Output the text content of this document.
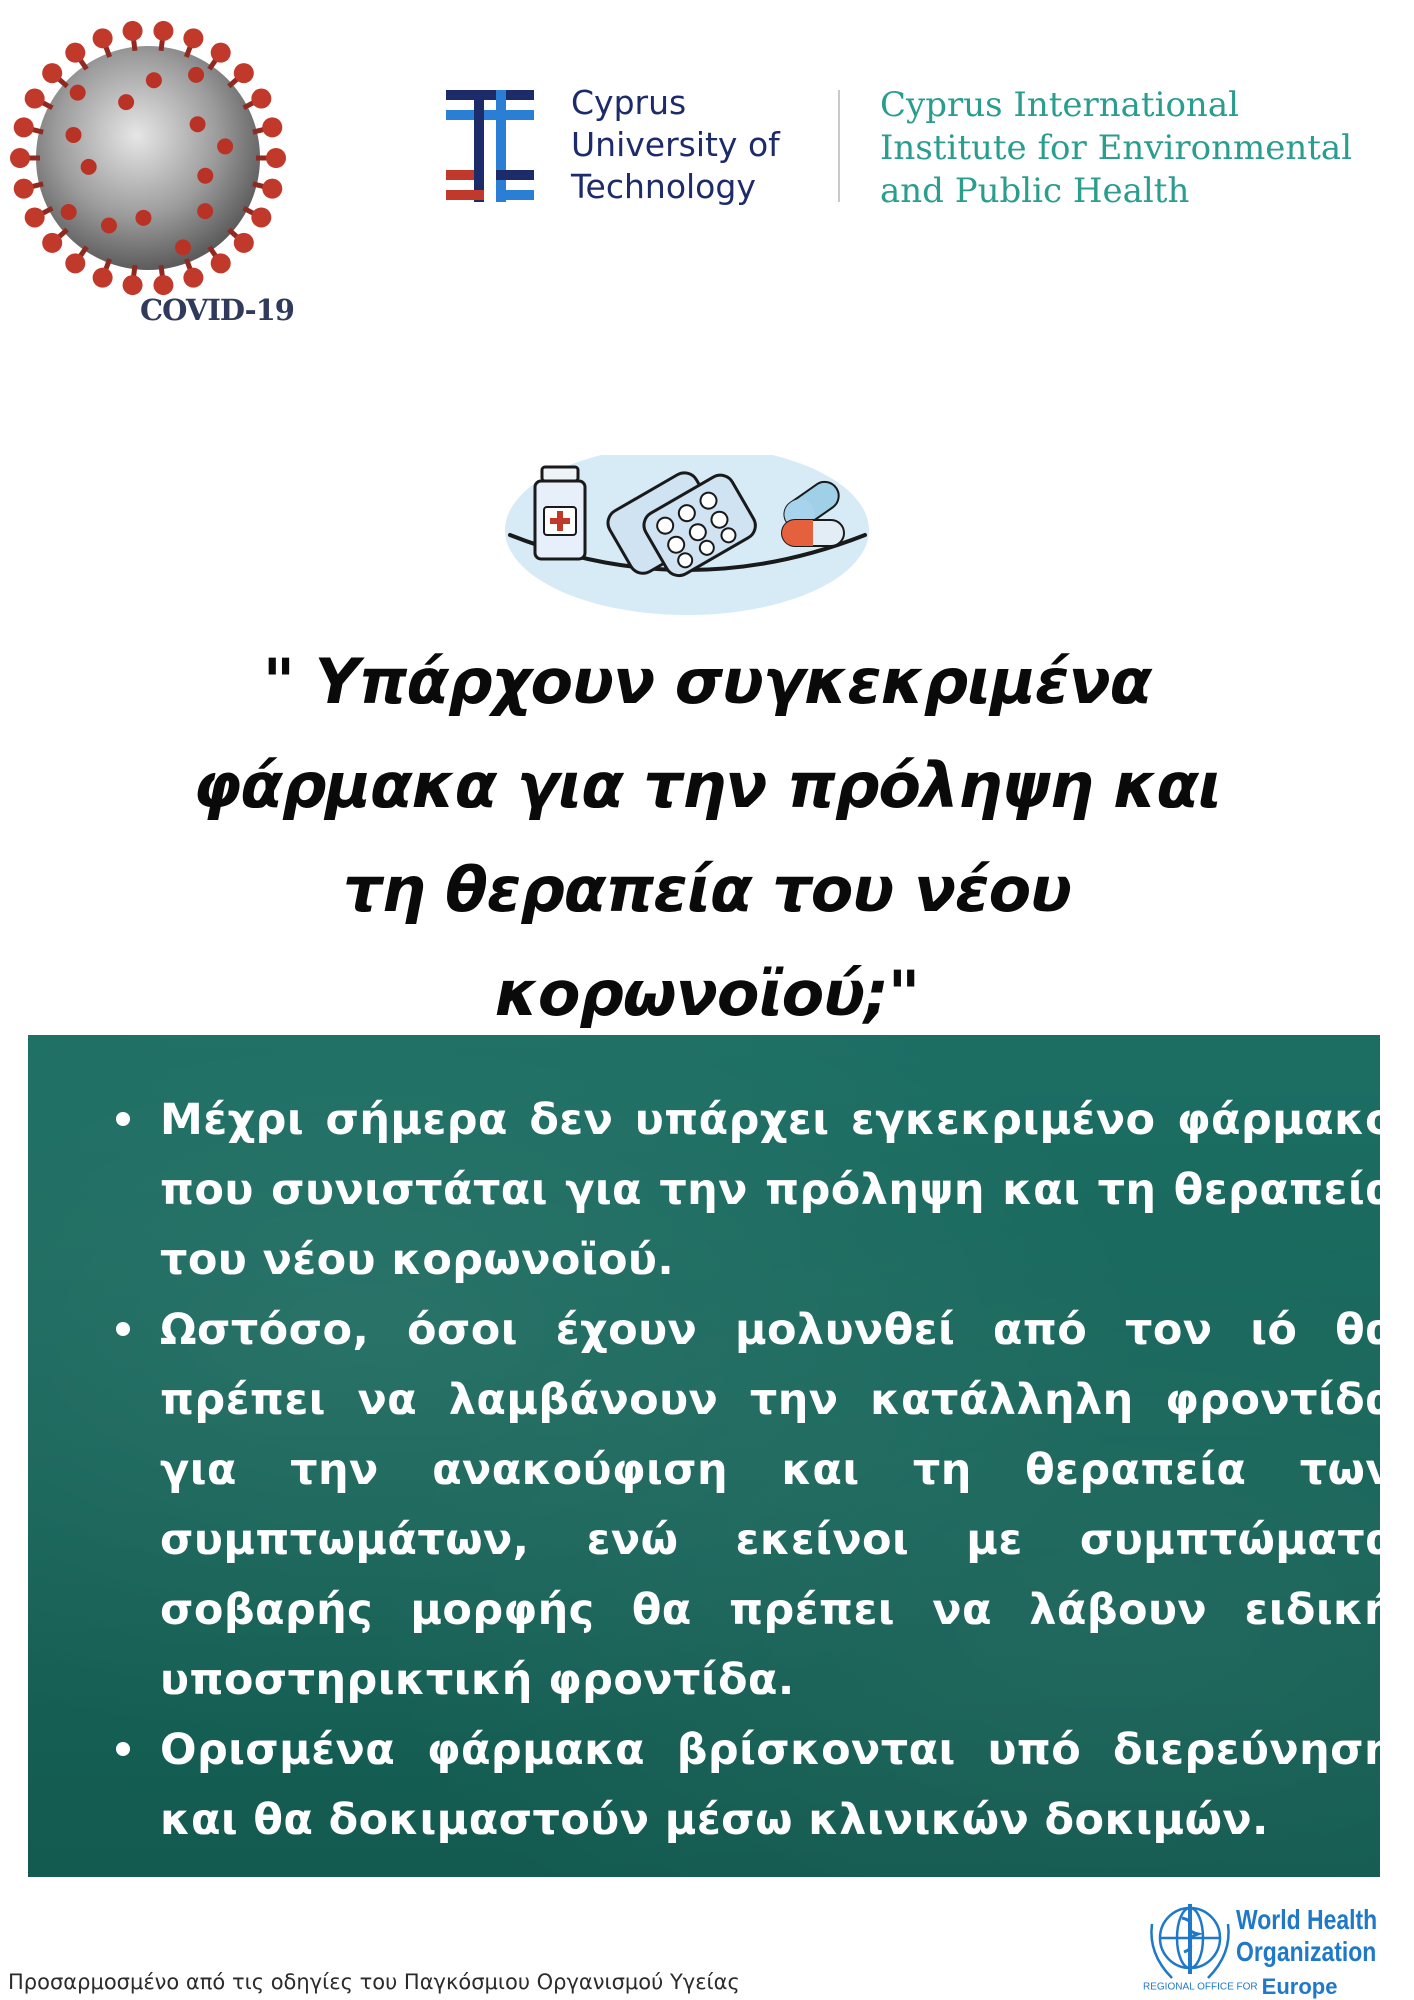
COVID-19
Cyprus
University of
Technology
Cyprus International
Institute for Environmental
and Public Health
" Υπάρχουν συγκεκριμένα
φάρμακα για την πρόληψη και
τη θεραπεία του νέου
κορωνοϊού;"
Μέχρι σήμερα δεν υπάρχει εγκεκριμένο φάρμακο που συνιστάται για την πρόληψη και τη θεραπεία του νέου κορωνοϊού.
Ωστόσο, όσοι έχουν μολυνθεί από τον ιό θα πρέπει να λαμβάνουν την κατάλληλη φροντίδα για την ανακούφιση και τη θεραπεία των συμπτωμάτων, ενώ εκείνοι με συμπτώματα σοβαρής μορφής θα πρέπει να λάβουν ειδική υποστηρικτική φροντίδα.
Ορισμένα φάρμακα βρίσκονται υπό διερεύνηση και θα δοκιμαστούν μέσω κλινικών δοκιμών.
Προσαρμοσμένο από τις οδηγίες του Παγκόσμιου Οργανισμού Υγείας
World Health
Organization
REGIONAL OFFICE FOR Europe
